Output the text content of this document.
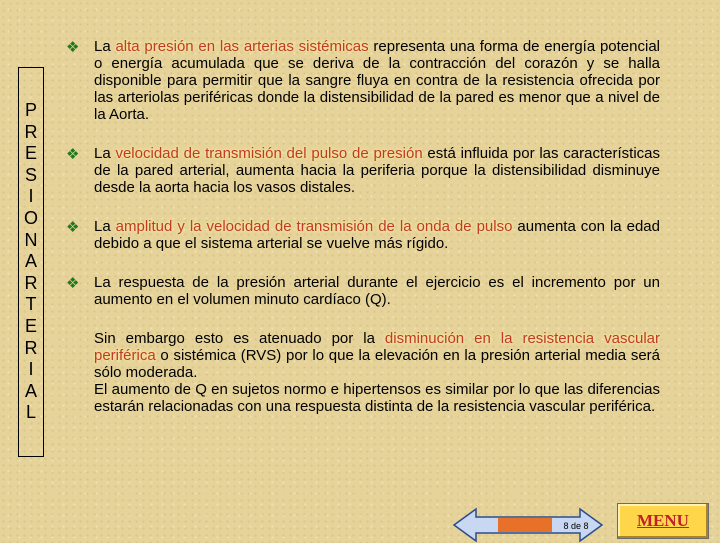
P
R
E
S
I
O
N
A
R
T
E
R
I
A
L
❖ La alta presión en las arterias sistémicas representa una forma de energía potencial o energía acumulada que se deriva de la contracción del corazón y se halla disponible para permitir que la sangre fluya en contra de la resistencia ofrecida por las arteriolas periféricas donde la distensibilidad de la pared es menor que a nivel de la Aorta.
❖ La velocidad de transmisión del pulso de presión está influida por las características de la pared arterial, aumenta hacia la periferia porque la distensibilidad disminuye desde la aorta hacia los vasos distales.
❖ La amplitud y la velocidad de transmisión de la onda de pulso aumenta con la edad debido a que el sistema arterial se vuelve más rígido.
❖ La respuesta de la presión arterial durante el ejercicio es el incremento por un aumento en el volumen minuto cardíaco (Q).
Sin embargo esto es atenuado por la disminución en la resistencia vascular periférica o sistémica (RVS) por lo que la elevación en la presión arterial media será sólo moderada.
El aumento de Q en sujetos normo e hipertensos es similar por lo que las diferencias estarán relacionadas con una respuesta distinta de la resistencia vascular periférica.
8 de 8	MENU
